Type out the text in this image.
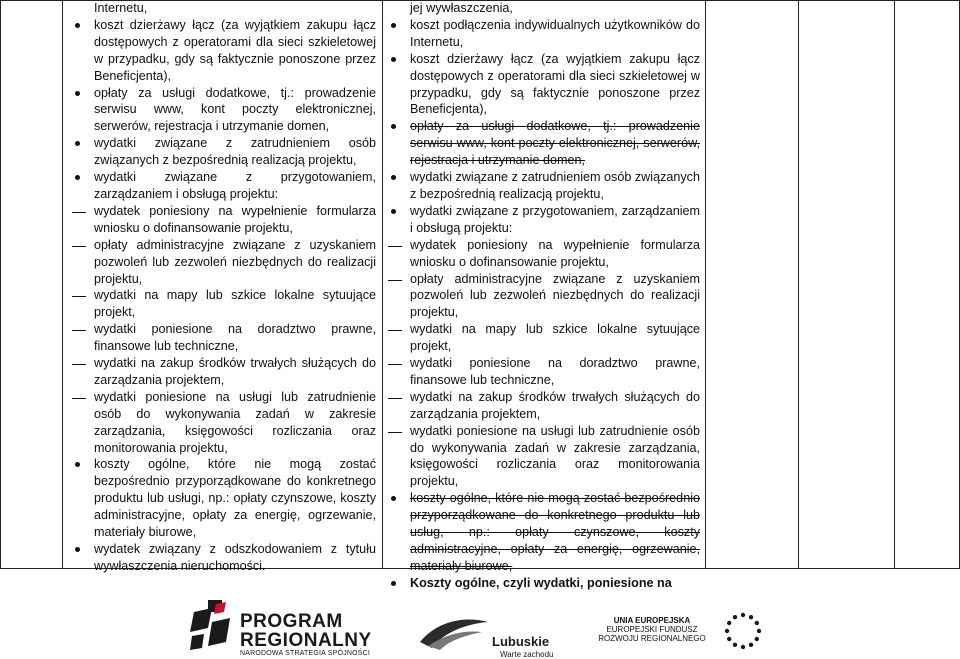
Internetu,
koszt dzierżawy łącz (za wyjątkiem zakupu łącz dostępowych z operatorami dla sieci szkieletowej w przypadku, gdy są faktycznie ponoszone przez Beneficjenta),
opłaty za usługi dodatkowe, tj.: prowadzenie serwisu www, kont poczty elektronicznej, serwerów, rejestracja i utrzymanie domen,
wydatki związane z zatrudnieniem osób związanych z bezpośrednią realizacją projektu,
wydatki związane z przygotowaniem, zarządzaniem i obsługą projektu:
wydatek poniesiony na wypełnienie formularza wniosku o dofinansowanie projektu,
opłaty administracyjne związane z uzyskaniem pozwoleń lub zezwoleń niezbędnych do realizacji projektu,
wydatki na mapy lub szkice lokalne sytuujące projekt,
wydatki poniesione na doradztwo prawne, finansowe lub techniczne,
wydatki na zakup środków trwałych służących do zarządzania projektem,
wydatki poniesione na usługi lub zatrudnienie osób do wykonywania zadań w zakresie zarządzania, księgowości rozliczania oraz monitorowania projektu,
koszty ogólne, które nie mogą zostać bezpośrednio przyporządkowane do konkretnego produktu lub usługi, np.: opłaty czynszowe, koszty administracyjne, opłaty za energię, ogrzewanie, materiały biurowe,
wydatek związany z odszkodowaniem z tytułu wywłaszczenia nieruchomości.
jej wywłaszczenia,
koszt podłączenia indywidualnych użytkowników do Internetu,
koszt dzierżawy łącz (za wyjątkiem zakupu łącz dostępowych z operatorami dla sieci szkieletowej w przypadku, gdy są faktycznie ponoszone przez Beneficjenta),
opłaty za usługi dodatkowe, tj.: prowadzenie serwisu www, kont poczty elektronicznej, serwerów, rejestracja i utrzymanie domen,
wydatki związane z zatrudnieniem osób związanych z bezpośrednią realizacją projektu,
wydatki związane z przygotowaniem, zarządzaniem i obsługą projektu:
wydatek poniesiony na wypełnienie formularza wniosku o dofinansowanie projektu,
opłaty administracyjne związane z uzyskaniem pozwoleń lub zezwoleń niezbędnych do realizacji projektu,
wydatki na mapy lub szkice lokalne sytuujące projekt,
wydatki poniesione na doradztwo prawne, finansowe lub techniczne,
wydatki na zakup środków trwałych służących do zarządzania projektem,
wydatki poniesione na usługi lub zatrudnienie osób do wykonywania zadań w zakresie zarządzania, księgowości rozliczania oraz monitorowania projektu,
koszty ogólne, które nie mogą zostać bezpośrednio przyporządkowane do konkretnego produktu lub usług, np.: opłaty czynszowe, koszty administracyjne, opłaty za energię, ogrzewanie, materiały biurowe,
Koszty ogólne, czyli wydatki, poniesione na
PROGRAM
REGIONALNY
NARODOWA STRATEGIA SPÓJNOŚCI
Lubuskie
Warte zachodu
UNIA EUROPEJSKA
EUROPEJSKI FUNDUSZ
ROZWOJU REGIONALNEGO
